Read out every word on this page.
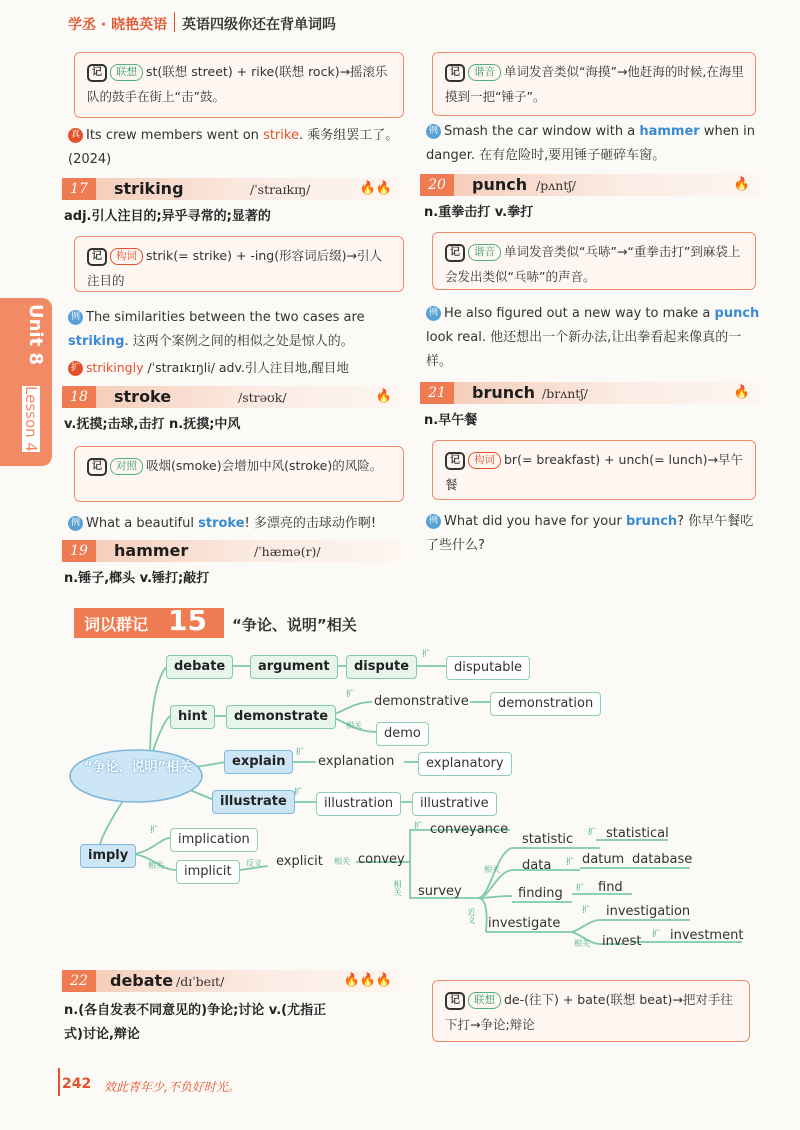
学丞 · 晓艳英语 英语四级你还在背单词吗
Unit 8
Lesson 4
记 联想 st(联想 street) + rike(联想 rock)→摇滚乐队的鼓手在街上“击”鼓。
真 Its crew members went on strike. 乘务组罢工了。(2024)
17	striking	/ˈstraɪkɪŋ/	🔥🔥
adj.引人注目的;异乎寻常的;显著的
记 构词 strik(= strike) + -ing(形容词后缀)→引人注目的
例 The similarities between the two cases are striking. 这两个案例之间的相似之处是惊人的。
扩 strikingly /ˈstraɪkɪŋli/ adv.引人注目地,醒目地
18	stroke	/strəʊk/	🔥
v.抚摸;击球,击打 n.抚摸;中风
记 对照 吸烟(smoke)会增加中风(stroke)的风险。
例 What a beautiful stroke! 多漂亮的击球动作啊!
19	hammer	/ˈhæmə(r)/
n.锤子,榔头 v.锤打;敲打
记 谐音 单词发音类似“海摸”→他赶海的时候,在海里摸到一把“锤子”。
例 Smash the car window with a hammer when in danger. 在有危险时,要用锤子砸碎车窗。
20	punch /pʌntʃ/	🔥
n.重拳击打 v.拳打
记 谐音 单词发音类似“乓哧”→“重拳击打”到麻袋上会发出类似“乓哧”的声音。
例 He also figured out a new way to make a punch look real. 他还想出一个新办法,让出拳看起来像真的一样。
21	brunch /brʌntʃ/	🔥
n.早午餐
记 构词 br(= breakfast) + unch(= lunch)→早午餐
例 What did you have for your brunch? 你早午餐吃了些什么?
词以群记 15 “争论、说明”相关
“争论、说明”相关
debate	argument	dispute
扩
disputable
hint	demonstrate
扩
demonstrative	demonstration
相关
demo
explain
扩
explanation	explanatory
illustrate
扩
illustration	illustrative
imply
扩
implication
相关	implicit
反义 explicit 相关 convey
扩 conveyance
相关 survey
相关
近义
statistic
扩 statistical
data 扩 datum database
finding 扩 find
investigate
扩 investigation
相关 invest
扩 investment
22	debate /dɪˈbeɪt/	🔥🔥🔥
n.(各自发表不同意见的)争论;讨论 v.(尤指正
式)讨论,辩论
记 联想 de-(往下) + bate(联想 beat)→把对手往下打→争论;辩论
242 效此青年少,不负好时光。
